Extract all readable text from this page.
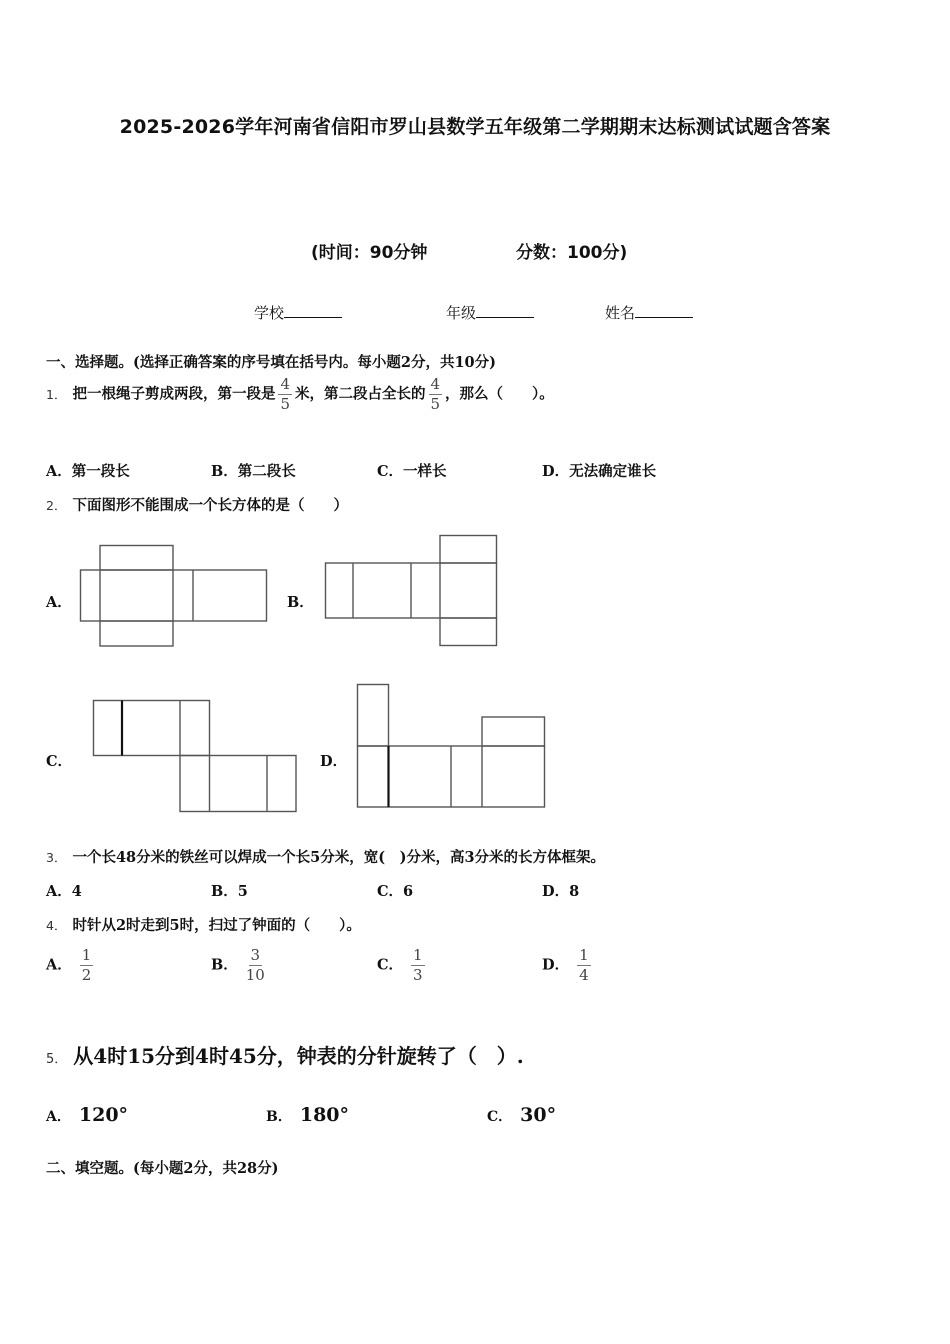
2025-2026学年河南省信阳市罗山县数学五年级第二学期期末达标测试试题含答案
(时间：90分钟	分数：100分)
学校	年级	姓名
一、选择题。(选择正确答案的序号填在括号内。每小题2分，共10分)
1． 把一根绳子剪成两段，第一段是 $\frac{4}{5}$ 米，第二段占全长的 $\frac{4}{5}$ ，那么（　　）。
A．第一段长	B．第二段长	C．一样长	D．无法确定谁长
2． 下面图形不能围成一个长方体的是（　　）
A．	B．
C．	D．
3． 一个长48分米的铁丝可以焊成一个长5分米，宽(　)分米，高3分米的长方体框架。
A．4	B．5	C．6	D．8
4． 时针从2时走到5时，扫过了钟面的（　　）。
A． $\frac{1}{2}$	B． $\frac{3}{10}$	C． $\frac{1}{3}$	D． $\frac{1}{4}$
5． 从4时15分到4时45分，钟表的分针旋转了（　）.
A． 120°	B． 180°	C． 30°
二、填空题。(每小题2分，共28分)
